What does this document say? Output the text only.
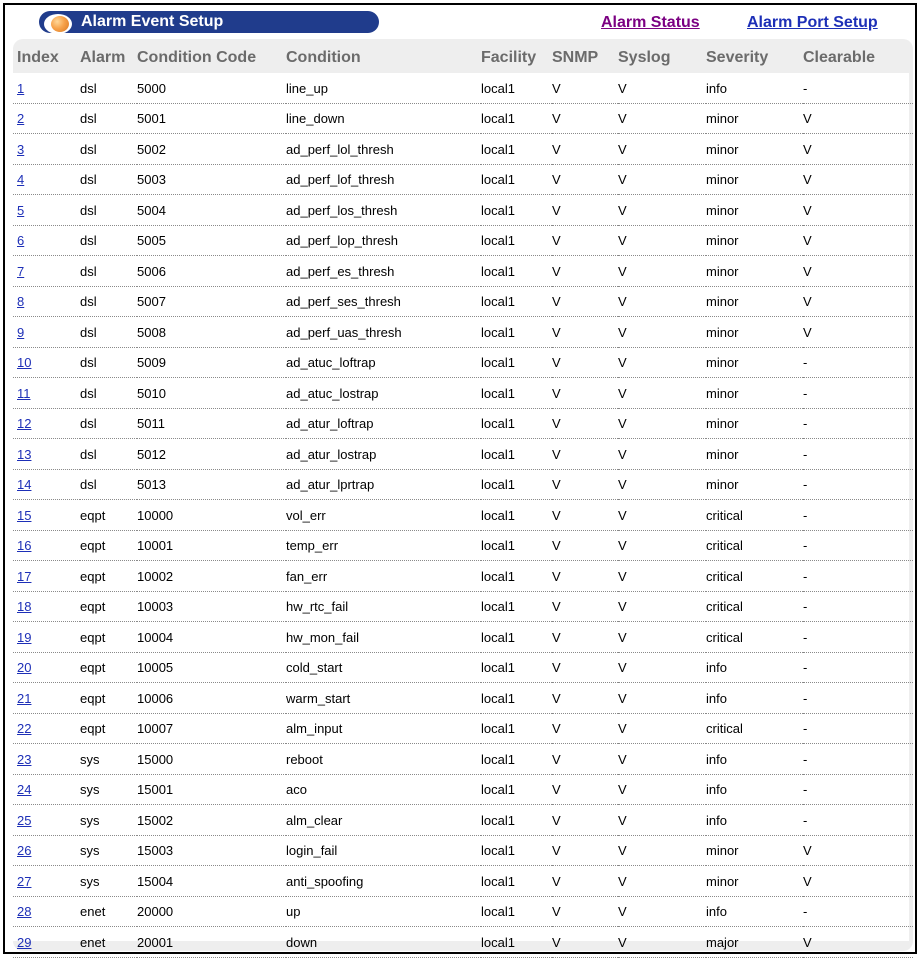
Alarm Event Setup	Alarm Status	Alarm Port Setup
Index	Alarm	Condition Code	Condition	Facility	SNMP	Syslog	Severity	Clearable
1	dsl	5000	line_up	local1	V	V	info	-
2	dsl	5001	line_down	local1	V	V	minor	V
3	dsl	5002	ad_perf_lol_thresh	local1	V	V	minor	V
4	dsl	5003	ad_perf_lof_thresh	local1	V	V	minor	V
5	dsl	5004	ad_perf_los_thresh	local1	V	V	minor	V
6	dsl	5005	ad_perf_lop_thresh	local1	V	V	minor	V
7	dsl	5006	ad_perf_es_thresh	local1	V	V	minor	V
8	dsl	5007	ad_perf_ses_thresh	local1	V	V	minor	V
9	dsl	5008	ad_perf_uas_thresh	local1	V	V	minor	V
10	dsl	5009	ad_atuc_loftrap	local1	V	V	minor	-
11	dsl	5010	ad_atuc_lostrap	local1	V	V	minor	-
12	dsl	5011	ad_atur_loftrap	local1	V	V	minor	-
13	dsl	5012	ad_atur_lostrap	local1	V	V	minor	-
14	dsl	5013	ad_atur_lprtrap	local1	V	V	minor	-
15	eqpt	10000	vol_err	local1	V	V	critical	-
16	eqpt	10001	temp_err	local1	V	V	critical	-
17	eqpt	10002	fan_err	local1	V	V	critical	-
18	eqpt	10003	hw_rtc_fail	local1	V	V	critical	-
19	eqpt	10004	hw_mon_fail	local1	V	V	critical	-
20	eqpt	10005	cold_start	local1	V	V	info	-
21	eqpt	10006	warm_start	local1	V	V	info	-
22	eqpt	10007	alm_input	local1	V	V	critical	-
23	sys	15000	reboot	local1	V	V	info	-
24	sys	15001	aco	local1	V	V	info	-
25	sys	15002	alm_clear	local1	V	V	info	-
26	sys	15003	login_fail	local1	V	V	minor	V
27	sys	15004	anti_spoofing	local1	V	V	minor	V
28	enet	20000	up	local1	V	V	info	-
29	enet	20001	down	local1	V	V	major	V
